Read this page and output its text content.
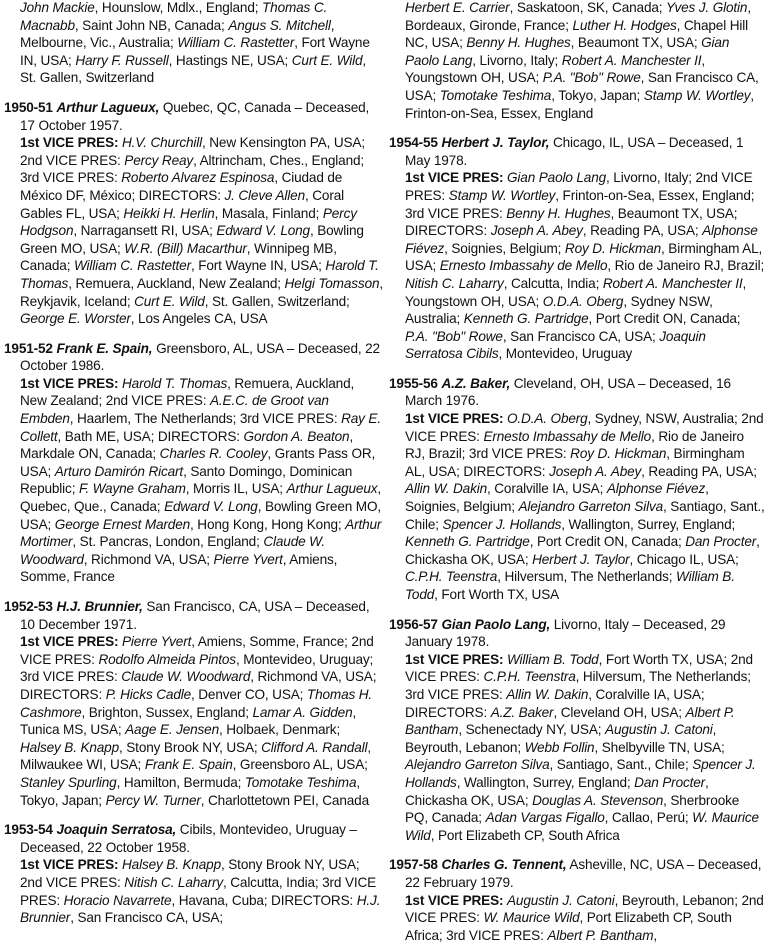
John Mackie, Hounslow, Mdlx., England; Thomas C. Macnabb, Saint John NB, Canada; Angus S. Mitchell, Melbourne, Vic., Australia; William C. Rastetter, Fort Wayne IN, USA; Harry F. Russell, Hastings NE, USA; Curt E. Wild, St. Gallen, Switzerland

1950-51 Arthur Lagueux, Quebec, QC, Canada – Deceased, 17 October 1957.

1st VICE PRES: H.V. Churchill, New Kensington PA, USA; 2nd VICE PRES: Percy Reay, Altrincham, Ches., England; 3rd VICE PRES: Roberto Alvarez Espinosa, Ciudad de México DF, México; DIRECTORS: J. Cleve Allen, Coral Gables FL, USA; Heikki H. Herlin, Masala, Finland; Percy Hodgson, Narragansett RI, USA; Edward V. Long, Bowling Green MO, USA; W.R. (Bill) Macarthur, Winnipeg MB, Canada; William C. Rastetter, Fort Wayne IN, USA; Harold T. Thomas, Remuera, Auckland, New Zealand; Helgi Tomasson, Reykjavik, Iceland; Curt E. Wild, St. Gallen, Switzerland; George E. Worster, Los Angeles CA, USA

1951-52 Frank E. Spain, Greensboro, AL, USA – Deceased, 22 October 1986.

1st VICE PRES: Harold T. Thomas, Remuera, Auckland, New Zealand; 2nd VICE PRES: A.E.C. de Groot van Embden, Haarlem, The Netherlands; 3rd VICE PRES: Ray E. Collett, Bath ME, USA; DIRECTORS: Gordon A. Beaton, Markdale ON, Canada; Charles R. Cooley, Grants Pass OR, USA; Arturo Damirón Ricart, Santo Domingo, Dominican Republic; F. Wayne Graham, Morris IL, USA; Arthur Lagueux, Quebec, Que., Canada; Edward V. Long, Bowling Green MO, USA; George Ernest Marden, Hong Kong, Hong Kong; Arthur Mortimer, St. Pancras, London, England; Claude W. Woodward, Richmond VA, USA; Pierre Yvert, Amiens, Somme, France

1952-53 H.J. Brunnier, San Francisco, CA, USA – Deceased, 10 December 1971.

1st VICE PRES: Pierre Yvert, Amiens, Somme, France; 2nd VICE PRES: Rodolfo Almeida Pintos, Montevideo, Uruguay; 3rd VICE PRES: Claude W. Woodward, Richmond VA, USA; DIRECTORS: P. Hicks Cadle, Denver CO, USA; Thomas H. Cashmore, Brighton, Sussex, England; Lamar A. Gidden, Tunica MS, USA; Aage E. Jensen, Holbaek, Denmark; Halsey B. Knapp, Stony Brook NY, USA; Clifford A. Randall, Milwaukee WI, USA; Frank E. Spain, Greensboro AL, USA; Stanley Spurling, Hamilton, Bermuda; Tomotake Teshima, Tokyo, Japan; Percy W. Turner, Charlottetown PEI, Canada

1953-54 Joaquin Serratosa, Cibils, Montevideo, Uruguay – Deceased, 22 October 1958.

1st VICE PRES: Halsey B. Knapp, Stony Brook NY, USA; 2nd VICE PRES: Nitish C. Laharry, Calcutta, India; 3rd VICE PRES: Horacio Navarrete, Havana, Cuba; DIRECTORS: H.J. Brunnier, San Francisco CA, USA;

Herbert E. Carrier, Saskatoon, SK, Canada; Yves J. Glotin, Bordeaux, Gironde, France; Luther H. Hodges, Chapel Hill NC, USA; Benny H. Hughes, Beaumont TX, USA; Gian Paolo Lang, Livorno, Italy; Robert A. Manchester II, Youngstown OH, USA; P.A. "Bob" Rowe, San Francisco CA, USA; Tomotake Teshima, Tokyo, Japan; Stamp W. Wortley, Frinton-on-Sea, Essex, England

1954-55 Herbert J. Taylor, Chicago, IL, USA – Deceased, 1 May 1978.

1st VICE PRES: Gian Paolo Lang, Livorno, Italy; 2nd VICE PRES: Stamp W. Wortley, Frinton-on-Sea, Essex, England; 3rd VICE PRES: Benny H. Hughes, Beaumont TX, USA; DIRECTORS: Joseph A. Abey, Reading PA, USA; Alphonse Fiévez, Soignies, Belgium; Roy D. Hickman, Birmingham AL, USA; Ernesto Imbassahy de Mello, Rio de Janeiro RJ, Brazil; Nitish C. Laharry, Calcutta, India; Robert A. Manchester II, Youngstown OH, USA; O.D.A. Oberg, Sydney NSW, Australia; Kenneth G. Partridge, Port Credit ON, Canada; P.A. "Bob" Rowe, San Francisco CA, USA; Joaquin Serratosa Cibils, Montevideo, Uruguay

1955-56 A.Z. Baker, Cleveland, OH, USA – Deceased, 16 March 1976.

1st VICE PRES: O.D.A. Oberg, Sydney, NSW, Australia; 2nd VICE PRES: Ernesto Imbassahy de Mello, Rio de Janeiro RJ, Brazil; 3rd VICE PRES: Roy D. Hickman, Birmingham AL, USA; DIRECTORS: Joseph A. Abey, Reading PA, USA; Allin W. Dakin, Coralville IA, USA; Alphonse Fiévez, Soignies, Belgium; Alejandro Garreton Silva, Santiago, Sant., Chile; Spencer J. Hollands, Wallington, Surrey, England; Kenneth G. Partridge, Port Credit ON, Canada; Dan Procter, Chickasha OK, USA; Herbert J. Taylor, Chicago IL, USA; C.P.H. Teenstra, Hilversum, The Netherlands; William B. Todd, Fort Worth TX, USA

1956-57 Gian Paolo Lang, Livorno, Italy – Deceased, 29 January 1978.

1st VICE PRES: William B. Todd, Fort Worth TX, USA; 2nd VICE PRES: C.P.H. Teenstra, Hilversum, The Netherlands; 3rd VICE PRES: Allin W. Dakin, Coralville IA, USA; DIRECTORS: A.Z. Baker, Cleveland OH, USA; Albert P. Bantham, Schenectady NY, USA; Augustin J. Catoni, Beyrouth, Lebanon; Webb Follin, Shelbyville TN, USA; Alejandro Garreton Silva, Santiago, Sant., Chile; Spencer J. Hollands, Wallington, Surrey, England; Dan Procter, Chickasha OK, USA; Douglas A. Stevenson, Sherbrooke PQ, Canada; Adan Vargas Figallo, Callao, Perú; W. Maurice Wild, Port Elizabeth CP, South Africa

1957-58 Charles G. Tennent, Asheville, NC, USA – Deceased, 22 February 1979.

1st VICE PRES: Augustin J. Catoni, Beyrouth, Lebanon; 2nd VICE PRES: W. Maurice Wild, Port Elizabeth CP, South Africa; 3rd VICE PRES: Albert P. Bantham,
